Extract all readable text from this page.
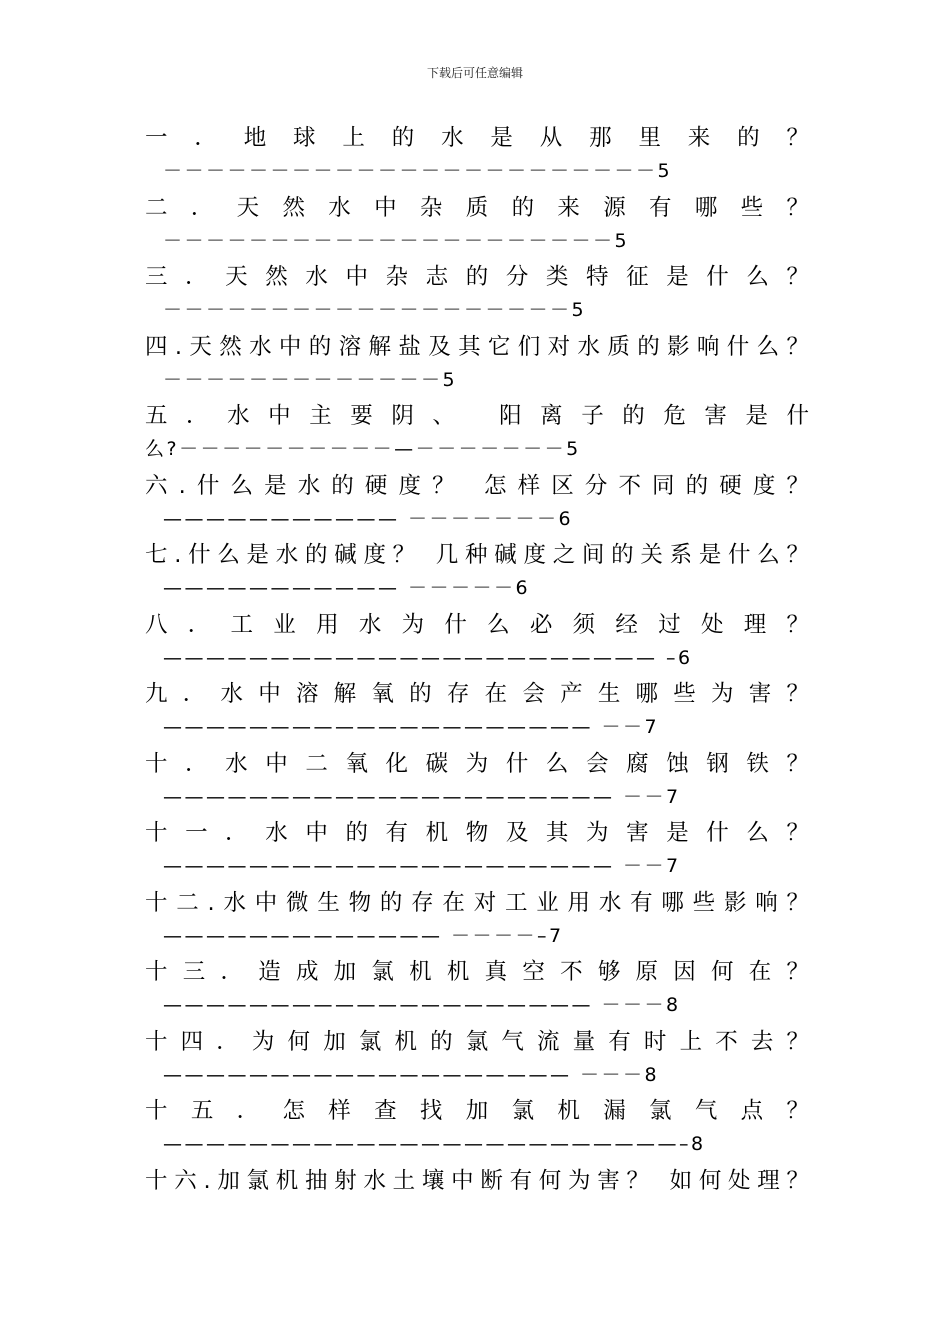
下载后可任意编辑
一．地球上的水是从那里来的？
－－－－－－－－－－－－－－－－－－－－－－－5
二．天然水中杂质的来源有哪些？
－－－－－－－－－－－－－－－－－－－－－5
三．天然水中杂志的分类特征是什么？
－－－－－－－－－－－－－－－－－－－5
四.天然水中的溶解盐及其它们对水质的影响什么？
－－－－－－－－－－－－－5
五．水中主要阴、 阳离子的危害是什
么?－－－－－－－－－－—－－－－－－－5
六.什么是水的硬度？ 怎样区分不同的硬度？
——————————— －－－－－－－6
七.什么是水的碱度？ 几种碱度之间的关系是什么？
——————————— －－－－－6
八．工业用水为什么必须经过处理？
——————————————————————— –6
九．水中溶解氧的存在会产生哪些为害？
———————————————————— －－7
十．水中二氧化碳为什么会腐蚀钢铁？
————————————————————— －－7
十一．水中的有机物及其为害是什么？
————————————————————— －－7
十二.水中微生物的存在对工业用水有哪些影响？
————————————— －－－－–7
十三．造成加氯机机真空不够原因何在？
———————————————————— －－－8
十四．为何加氯机的氯气流量有时上不去？
——————————————————— －－－8
十五．怎样查找加氯机漏氯气点？
————————————————————————–8
十六.加氯机抽射水土壤中断有何为害？ 如何处理？
